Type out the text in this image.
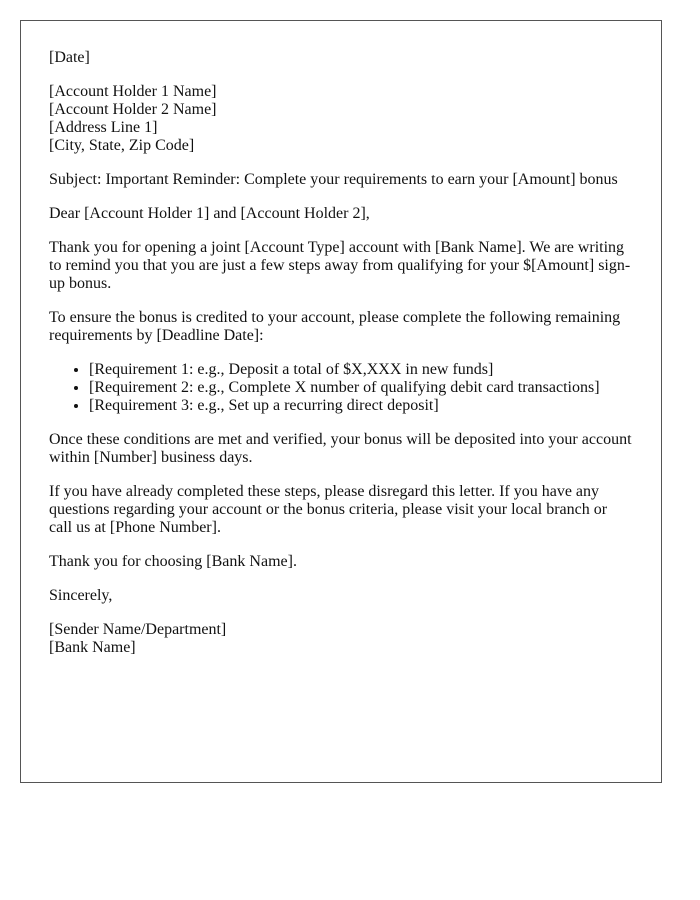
[Date]

[Account Holder 1 Name]
[Account Holder 2 Name]
[Address Line 1]
[City, State, Zip Code]

Subject: Important Reminder: Complete your requirements to earn your [Amount] bonus

Dear [Account Holder 1] and [Account Holder 2],

Thank you for opening a joint [Account Type] account with [Bank Name]. We are writing to remind you that you are just a few steps away from qualifying for your $[Amount] sign-up bonus.

To ensure the bonus is credited to your account, please complete the following remaining requirements by [Deadline Date]:

• [Requirement 1: e.g., Deposit a total of $X,XXX in new funds]
• [Requirement 2: e.g., Complete X number of qualifying debit card transactions]
• [Requirement 3: e.g., Set up a recurring direct deposit]

Once these conditions are met and verified, your bonus will be deposited into your account within [Number] business days.

If you have already completed these steps, please disregard this letter. If you have any questions regarding your account or the bonus criteria, please visit your local branch or call us at [Phone Number].

Thank you for choosing [Bank Name].

Sincerely,

[Sender Name/Department]
[Bank Name]
